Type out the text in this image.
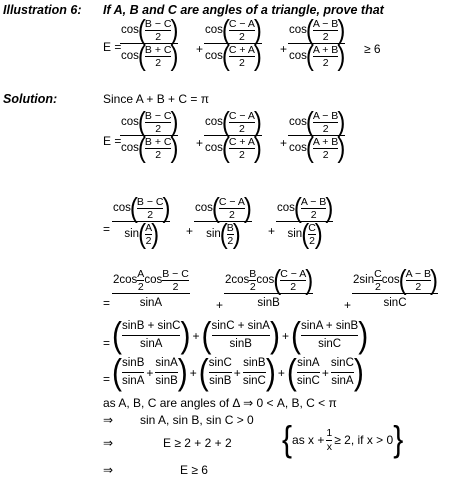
Illustration 6: If A, B and C are angles of a triangle, prove that
E =
cos ( B − C
2 )
cos ( B + C
2 ) +
cos ( C − A
2 )
cos ( C + A
2 ) +
cos ( A − B
2 )
cos ( A + B
2 ) ≥ 6
Solution:	Since A + B + C = π
E =
cos ( B − C
2 )
cos ( B + C
2 ) +
cos ( C − A
2 )
cos ( C + A
2 ) +
cos ( A − B
2 )
cos ( A + B
2 )
=
cos ( B − C
2 )
sin ( A
2 ) +
cos ( C − A
2 )
sin ( B
2 ) +
cos ( A − B
2 )
sin ( C
2 )
=
2cos A
2
cos B − C
2
sinA	+
2cos B
2
cos ( C − A
2 )
sinB	+
2sin C
2
cos ( A − B
2 )
sinC
= ( sinB + sinC
sinA ) + ( sinC + sinA
sinB ) + ( sinA + sinB
sinC )
= ( sinB
sinA
+
sinA
sinB ) + ( sinC
sinB
+
sinB
sinC ) + ( sinA
sinC
+
sinC
sinA )
as A, B, C are angles of Δ ⇒ 0 < A, B, C < π
⇒ sin A, sin B, sin C > 0
⇒	E ≥ 2 + 2 + 2 { as x +
1
x ≥ 2, if x > 0 }
⇒	E ≥ 6
